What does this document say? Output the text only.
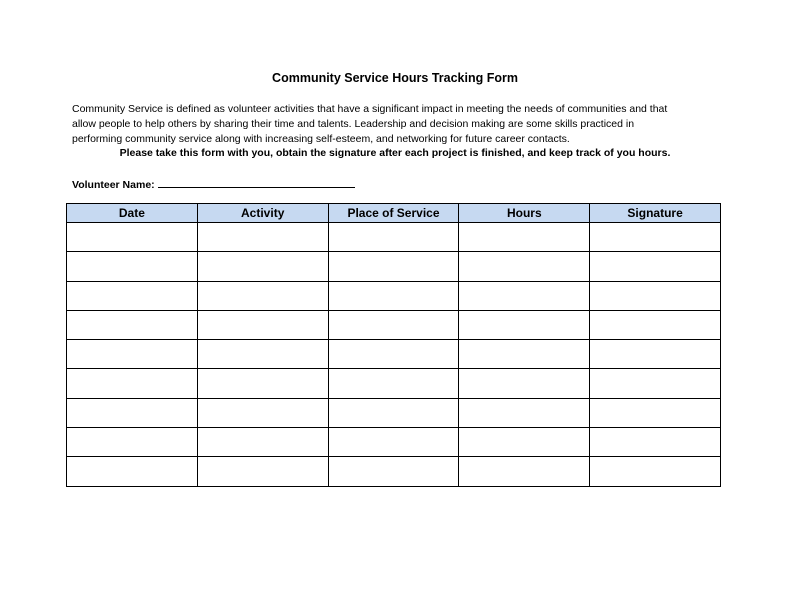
Community Service Hours Tracking Form
Community Service is defined as volunteer activities that have a significant impact in meeting the needs of communities and that
allow people to help others by sharing their time and talents. Leadership and decision making are some skills practiced in
performing community service along with increasing self-esteem, and networking for future career contacts.
Please take this form with you, obtain the signature after each project is finished, and keep track of you hours.
Volunteer Name:
Date	Activity	Place of Service	Hours	Signature
